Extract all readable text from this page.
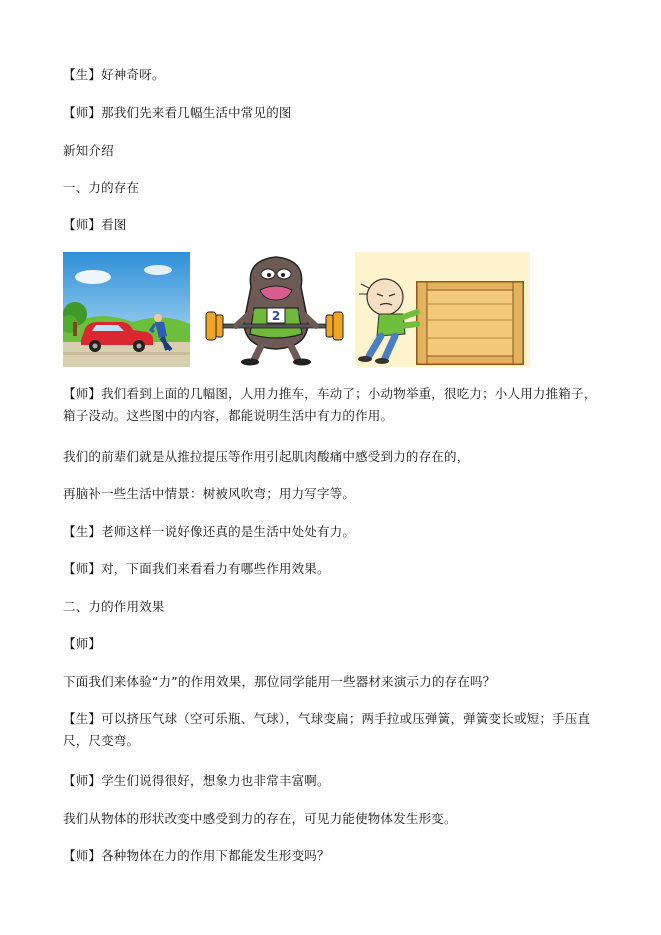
【生】好神奇呀。
【师】那我们先来看几幅生活中常见的图
新知介绍
一、力的存在
【师】看图
2
【师】我们看到上面的几幅图，人用力推车，车动了；小动物举重，很吃力；小人用力推箱子，箱子没动。这些图中的内容，都能说明生活中有力的作用。
我们的前辈们就是从推拉提压等作用引起肌肉酸痛中感受到力的存在的，
再脑补一些生活中情景：树被风吹弯；用力写字等。
【生】老师这样一说好像还真的是生活中处处有力。
【师】对，下面我们来看看力有哪些作用效果。
二、力的作用效果
【师】
下面我们来体验“力”的作用效果，那位同学能用一些器材来演示力的存在吗？
【生】可以挤压气球（空可乐瓶、气球），气球变扁；两手拉或压弹簧，弹簧变长或短；手压直尺，尺变弯。
【师】学生们说得很好，想象力也非常丰富啊。
我们从物体的形状改变中感受到力的存在，可见力能使物体发生形变。
【师】各种物体在力的作用下都能发生形变吗？
